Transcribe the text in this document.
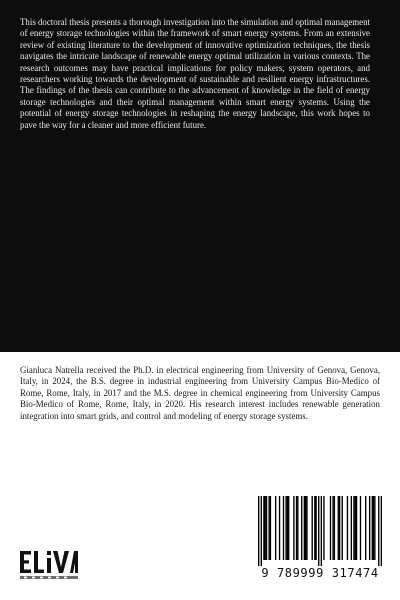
This doctoral thesis presents a thorough investigation into the simulation and optimal management of energy storage technologies within the framework of smart energy systems. From an extensive review of existing literature to the development of innovative optimization techniques, the thesis navigates the intricate landscape of renewable energy optimal utilization in various contexts. The research outcomes may have practical implications for policy makers, system operators, and researchers working towards the development of sustainable and resilient energy infrastructures. The findings of the thesis can contribute to the advancement of knowledge in the field of energy storage technologies and their optimal management within smart energy systems. Using the potential of energy storage technologies in reshaping the energy landscape, this work hopes to pave the way for a cleaner and more efficient future.
Gianluca Natrella received the Ph.D. in electrical engineering from University of Genova, Genova, Italy, in 2024, the B.S. degree in industrial engineering from University Campus Bio-Medico of Rome, Rome, Italy, in 2017 and the M.S. degree in chemical engineering from University Campus Bio-Medico of Rome, Rome, Italy, in 2020. His research interest includes renewable generation integration into smart grids, and control and modeling of energy storage systems.
9 789999 317474
